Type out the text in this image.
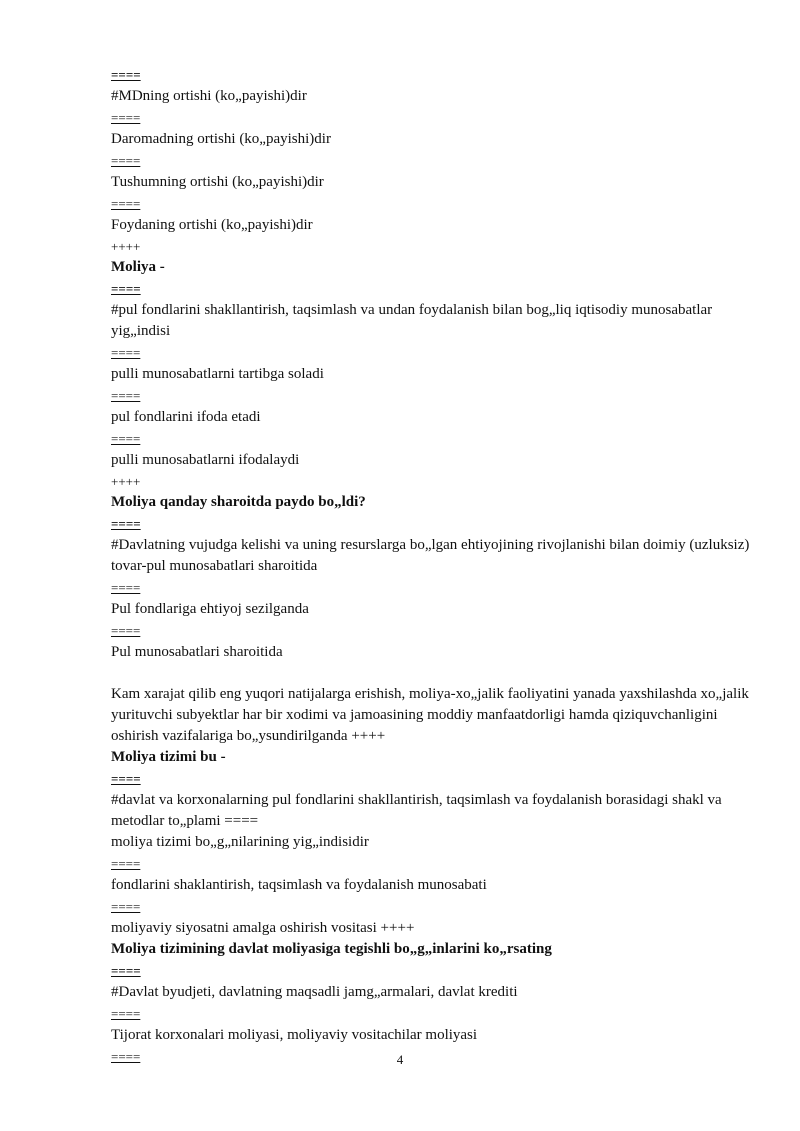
====
#MDning ortishi (ko„payishi)dir
====
Daromadning ortishi (ko„payishi)dir
====
Tushumning ortishi (ko„payishi)dir
====
Foydaning ortishi (ko„payishi)dir
++++
Moliya -
====
#pul fondlarini shakllantirish, taqsimlash va undan foydalanish bilan bog„liq iqtisodiy munosabatlar yig„indisi
====
pulli munosabatlarni tartibga soladi
====
pul fondlarini ifoda etadi
====
pulli munosabatlarni ifodalaydi
++++
Moliya qanday sharoitda paydo bo„ldi?
====
#Davlatning vujudga kelishi va uning resurslarga bo„lgan ehtiyojining rivojlanishi bilan doimiy (uzluksiz) tovar-pul munosabatlari sharoitida
====
Pul fondlariga ehtiyoj sezilganda
====
Pul munosabatlari sharoitida
Kam xarajat qilib eng yuqori natijalarga erishish, moliya-xo„jalik faoliyatini yanada yaxshilashda xo„jalik yurituvchi subyektlar har bir xodimi va jamoasining moddiy manfaatdorligi hamda qiziquvchanligini oshirish vazifalariga bo„ysundirilganda ++++
Moliya tizimi bu -
====
#davlat va korxonalarning pul fondlarini shakllantirish, taqsimlash va foydalanish borasidagi shakl va metodlar to„plami ====
moliya tizimi bo„g„nilarining yig„indisidir
====
fondlarini shaklantirish, taqsimlash va foydalanish munosabati
====
moliyaviy siyosatni amalga oshirish vositasi ++++
Moliya tizimining davlat moliyasiga tegishli bo„g„inlarini ko„rsating
====
#Davlat byudjeti, davlatning maqsadli jamg„armalari, davlat krediti
====
Tijorat korxonalari moliyasi, moliyaviy vositachilar moliyasi
====	4
